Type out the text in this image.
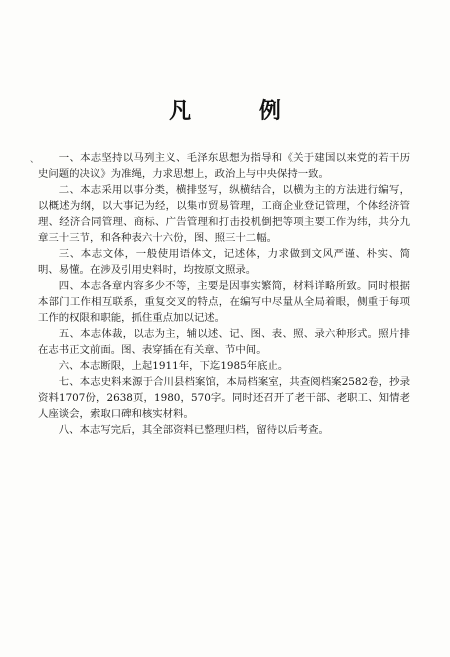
凡 例
、	一、本志坚持以马列主义、毛泽东思想为指导和《关于建国以来党的若干历史问题的决议》为准绳，力求思想上，政治上与中央保持一致。

二、本志采用以事分类，横排竖写，纵横结合，以横为主的方法进行编写，以概述为纲，以大事记为经，以集市贸易管理，工商企业登记管理，个体经济管理、经济合同管理、商标、广告管理和打击投机倒把等项主要工作为纬，共分九章三十三节，和各种表六十六份，图、照三十二幅。

三、本志文体，一般使用语体文，记述体，力求做到文风严谨、朴实、简明、易懂。在涉及引用史料时，均按原文照录。

四、本志各章内容多少不等，主要是因事实繁简，材料详略所致。同时根据本部门工作相互联系，重复交叉的特点，在编写中尽量从全局着眼，侧重于每项工作的权限和职能，抓住重点加以记述。

五、本志体裁，以志为主，辅以述、记、图、表、照、录六种形式。照片排在志书正文前面。图、表穿插在有关章、节中间。

六、本志断限，上起1911年，下迄1985年底止。

七、本志史料来源于合川县档案馆，本局档案室，共查阅档案2582卷，抄录资料1707份，2638页，1980，570字。同时还召开了老干部、老职工、知情老人座谈会，索取口碑和核实材料。

八、本志写完后，其全部资料已整理归档，留待以后考查。
